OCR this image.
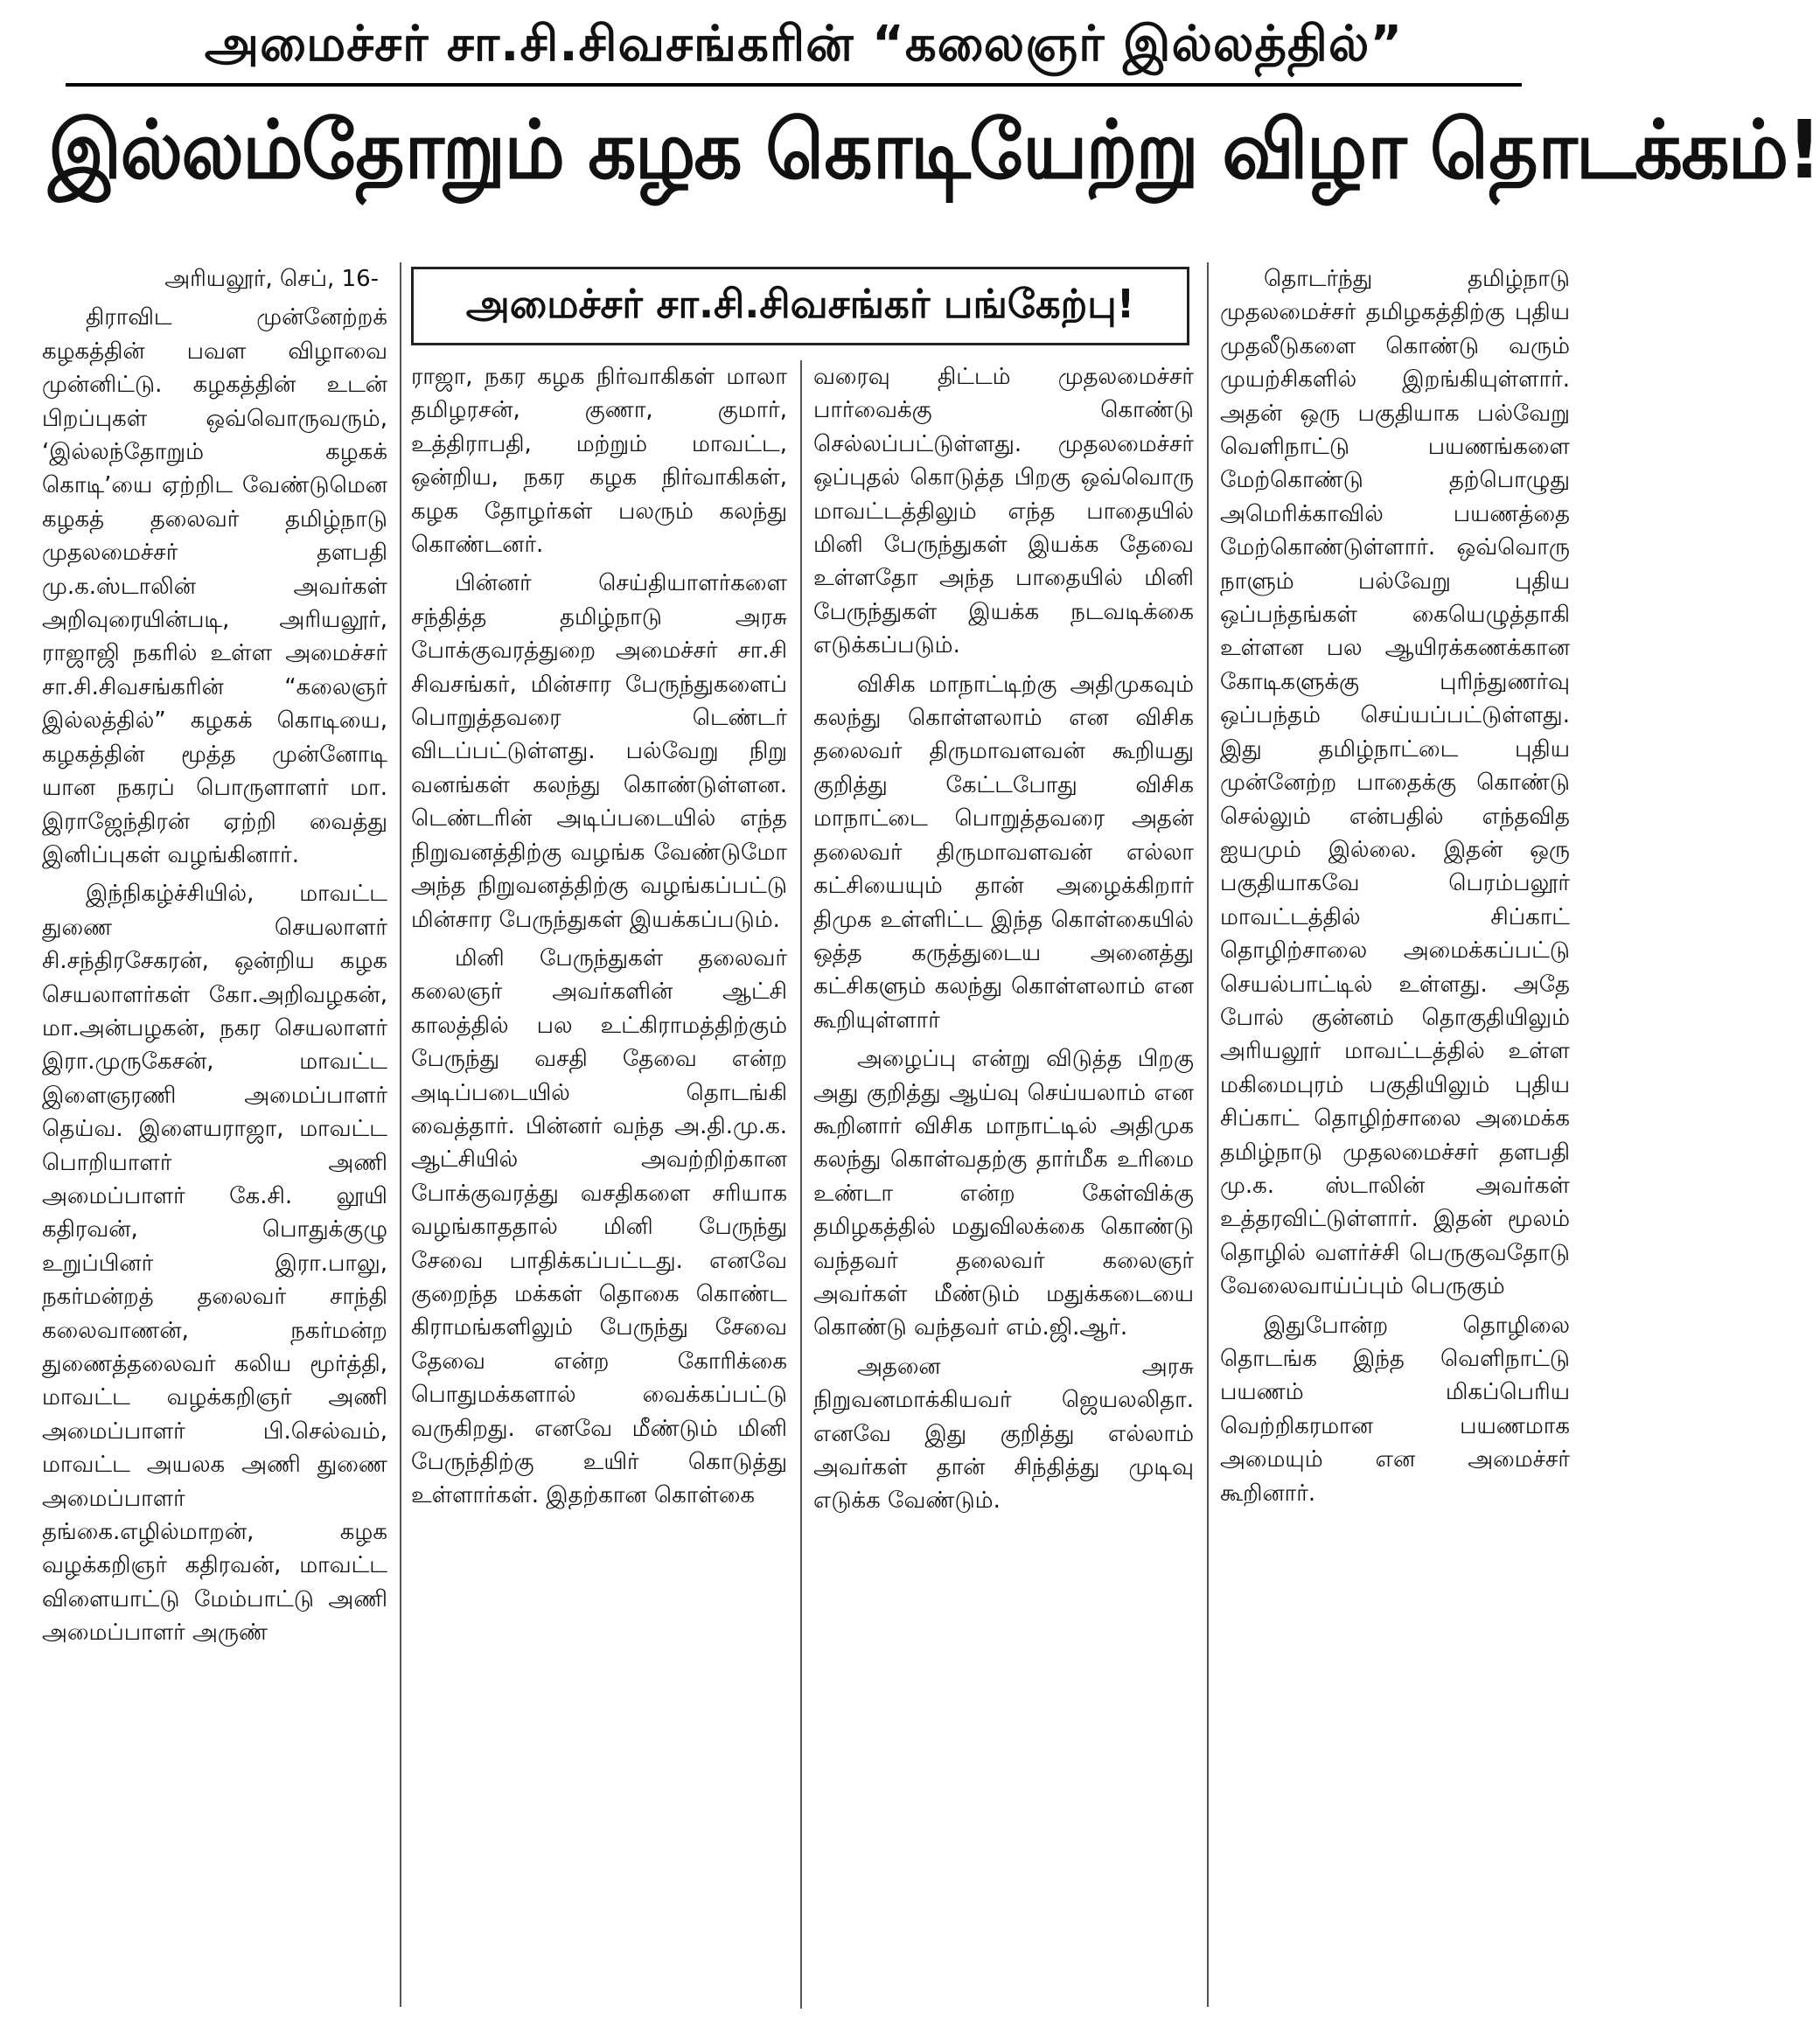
அமைச்சர் சா.சி.சிவசங்கரின் “கலைஞர் இல்லத்தில்”
இல்லம்தோறும் கழக கொடியேற்று விழா தொடக்கம்!
அமைச்சர் சா.சி.சிவசங்கர் பங்கேற்பு!

அரியலூர், செப், 16-

திராவிட முன்னேற்றக் கழகத்தின் பவள விழாவை முன்னிட்டு. கழகத்தின் உடன் பிறப்புகள் ஒவ்வொருவரும், ‘இல்லந்தோறும் கழகக் கொடி’யை ஏற்றிட வேண்டுமென கழகத் தலைவர் தமிழ்நாடு முதலமைச்சர் தளபதி மு.க.ஸ்டாலின் அவர்கள் அறிவுரையின்படி, அரியலூர், ராஜாஜி நகரில் உள்ள அமைச்சர் சா.சி.சிவசங்கரின் “கலைஞர் இல்லத்தில்” கழகக் கொடியை, கழகத்தின் மூத்த முன்னோடி யான நகரப் பொருளாளர் மா. இராஜேந்திரன் ஏற்றி வைத்து இனிப்புகள் வழங்கினார்.

இந்நிகழ்ச்சியில், மாவட்ட துணை செயலாளர் சி.சந்திரசேகரன், ஒன்றிய கழக செயலாளர்கள் கோ.அறிவழகன், மா.அன்பழகன், நகர செயலாளர் இரா.முருகேசன், மாவட்ட இளைஞரணி அமைப்பாளர் தெய்வ. இளையராஜா, மாவட்ட பொறியாளர் அணி அமைப்பாளர் கே.சி. லூயி கதிரவன், பொதுக்குழு உறுப்பினர் இரா.பாலு, நகர்மன்றத் தலைவர் சாந்தி கலைவாணன், நகர்மன்ற துணைத்தலைவர் கலிய மூர்த்தி, மாவட்ட வழக்கறிஞர் அணி அமைப்பாளர் பி.செல்வம், மாவட்ட அயலக அணி துணை அமைப்பாளர் தங்கை.எழில்மாறன், கழக வழக்கறிஞர் கதிரவன், மாவட்ட விளையாட்டு மேம்பாட்டு அணி அமைப்பாளர் அருண்

ராஜா, நகர கழக நிர்வாகிகள் மாலா தமிழரசன், குணா, குமார், உத்திராபதி, மற்றும் மாவட்ட, ஒன்றிய, நகர கழக நிர்வாகிகள், கழக தோழர்கள் பலரும் கலந்து கொண்டனர்.

பின்னர் செய்தியாளர்களை சந்தித்த தமிழ்நாடு அரசு போக்குவரத்துறை அமைச்சர் சா.சி சிவசங்கர், மின்சார பேருந்துகளைப் பொறுத்தவரை டெண்டர் விடப்பட்டுள்ளது. பல்வேறு நிறு வனங்கள் கலந்து கொண்டுள்ளன. டெண்டரின் அடிப்படையில் எந்த நிறுவனத்திற்கு வழங்க வேண்டுமோ அந்த நிறுவனத்திற்கு வழங்கப்பட்டு மின்சார பேருந்துகள் இயக்கப்படும்.

மினி பேருந்துகள் தலைவர் கலைஞர் அவர்களின் ஆட்சி காலத்தில் பல உட்கிராமத்திற்கும் பேருந்து வசதி தேவை என்ற அடிப்படையில் தொடங்கி வைத்தார். பின்னர் வந்த அ.தி.மு.க. ஆட்சியில் அவற்றிற்கான போக்குவரத்து வசதிகளை சரியாக வழங்காததால் மினி பேருந்து சேவை பாதிக்கப்பட்டது. எனவே குறைந்த மக்கள் தொகை கொண்ட கிராமங்களிலும் பேருந்து சேவை தேவை என்ற கோரிக்கை பொதுமக்களால் வைக்கப்பட்டு வருகிறது. எனவே மீண்டும் மினி பேருந்திற்கு உயிர் கொடுத்து உள்ளார்கள். இதற்கான கொள்கை

வரைவு திட்டம் முதலமைச்சர் பார்வைக்கு கொண்டு செல்லப்பட்டுள்ளது. முதலமைச்சர் ஒப்புதல் கொடுத்த பிறகு ஒவ்வொரு மாவட்டத்திலும் எந்த பாதையில் மினி பேருந்துகள் இயக்க தேவை உள்ளதோ அந்த பாதையில் மினி பேருந்துகள் இயக்க நடவடிக்கை எடுக்கப்படும்.

விசிக மாநாட்டிற்கு அதிமுகவும் கலந்து கொள்ளலாம் என விசிக தலைவர் திருமாவளவன் கூறியது குறித்து கேட்டபோது விசிக மாநாட்டை பொறுத்தவரை அதன் தலைவர் திருமாவளவன் எல்லா கட்சியையும் தான் அழைக்கிறார் திமுக உள்ளிட்ட இந்த கொள்கையில் ஒத்த கருத்துடைய அனைத்து கட்சிகளும் கலந்து கொள்ளலாம் என கூறியுள்ளார்

அழைப்பு என்று விடுத்த பிறகு அது குறித்து ஆய்வு செய்யலாம் என கூறினார் விசிக மாநாட்டில் அதிமுக கலந்து கொள்வதற்கு தார்மீக உரிமை உண்டா என்ற கேள்விக்கு தமிழகத்தில் மதுவிலக்கை கொண்டு வந்தவர் தலைவர் கலைஞர் அவர்கள் மீண்டும் மதுக்கடையை கொண்டு வந்தவர் எம்.ஜி.ஆர்.

அதனை அரசு நிறுவனமாக்கியவர் ஜெயலலிதா. எனவே இது குறித்து எல்லாம் அவர்கள் தான் சிந்தித்து முடிவு எடுக்க வேண்டும்.

தொடர்ந்து தமிழ்நாடு முதலமைச்சர் தமிழகத்திற்கு புதிய முதலீடுகளை கொண்டு வரும் முயற்சிகளில் இறங்கியுள்ளார். அதன் ஒரு பகுதியாக பல்வேறு வெளிநாட்டு பயணங்களை மேற்கொண்டு தற்பொழுது அமெரிக்காவில் பயணத்தை மேற்கொண்டுள்ளார். ஒவ்வொரு நாளும் பல்வேறு புதிய ஒப்பந்தங்கள் கையெழுத்தாகி உள்ளன பல ஆயிரக்கணக்கான கோடிகளுக்கு புரிந்துணர்வு ஒப்பந்தம் செய்யப்பட்டுள்ளது. இது தமிழ்நாட்டை புதிய முன்னேற்ற பாதைக்கு கொண்டு செல்லும் என்பதில் எந்தவித ஐயமும் இல்லை. இதன் ஒரு பகுதியாகவே பெரம்பலூர் மாவட்டத்தில் சிப்காட் தொழிற்சாலை அமைக்கப்பட்டு செயல்பாட்டில் உள்ளது. அதே போல் குன்னம் தொகுதியிலும் அரியலூர் மாவட்டத்தில் உள்ள மகிமைபுரம் பகுதியிலும் புதிய சிப்காட் தொழிற்சாலை அமைக்க தமிழ்நாடு முதலமைச்சர் தளபதி மு.க. ஸ்டாலின் அவர்கள் உத்தரவிட்டுள்ளார். இதன் மூலம் தொழில் வளர்ச்சி பெருகுவதோடு வேலைவாய்ப்பும் பெருகும்

இதுபோன்ற தொழிலை தொடங்க இந்த வெளிநாட்டு பயணம் மிகப்பெரிய வெற்றிகரமான பயணமாக அமையும் என அமைச்சர் கூறினார்.
